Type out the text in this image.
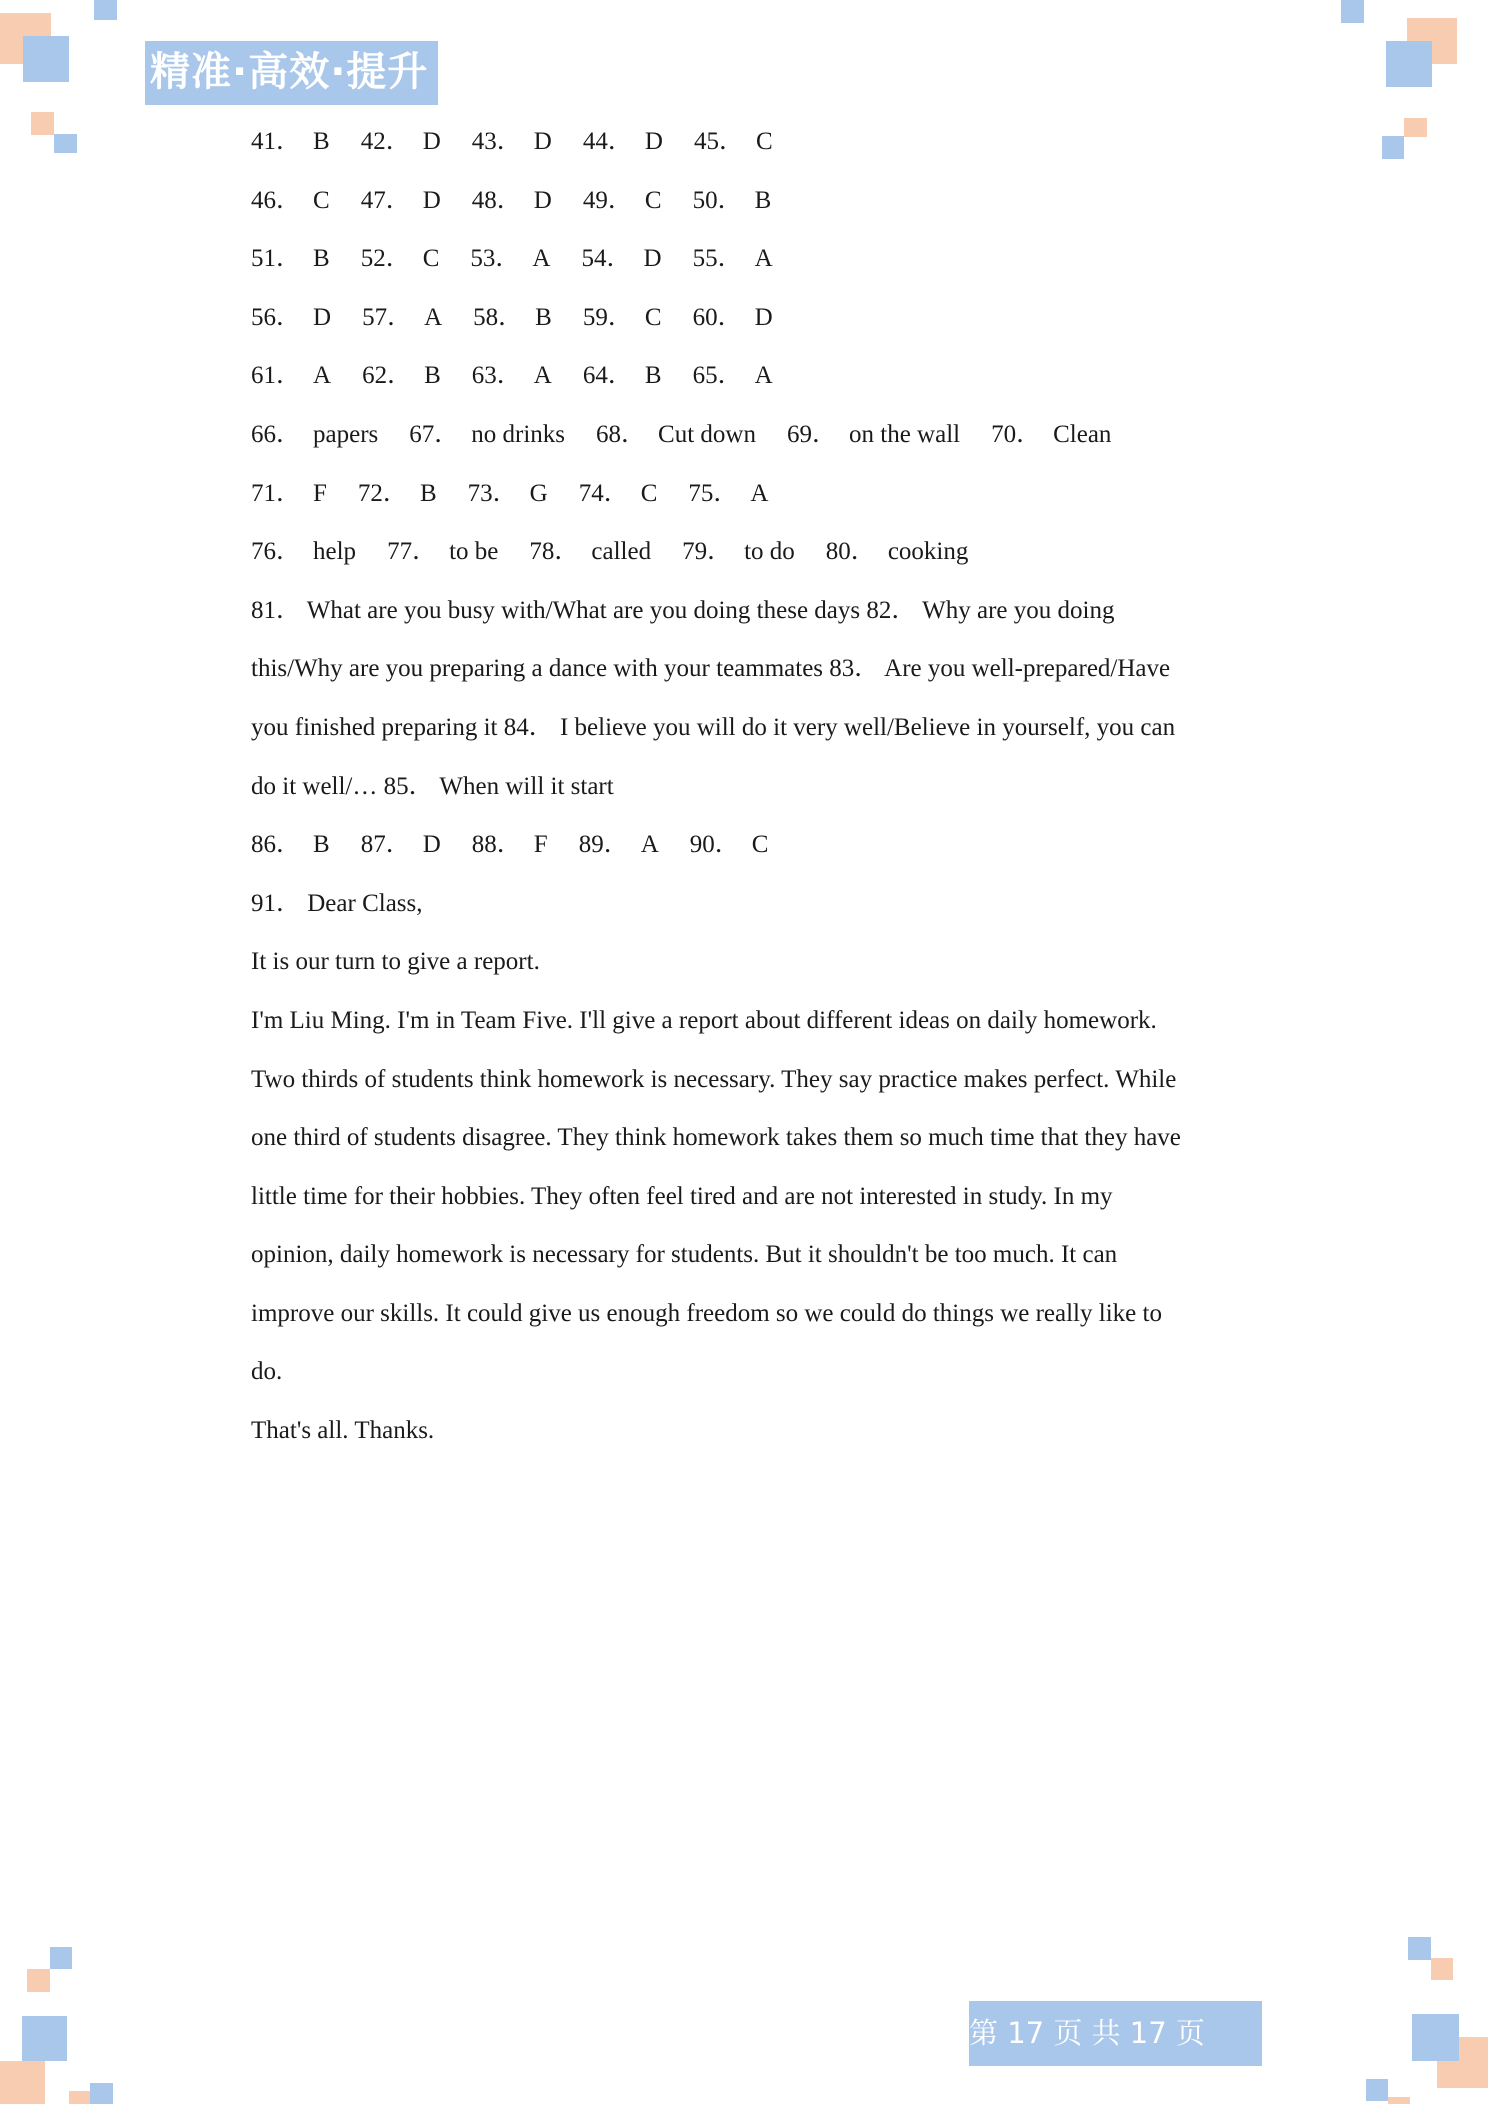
精准·高效·提升
41． B 42． D 43． D 44． D 45． C
46． C 47． D 48． D 49． C 50． B
51． B 52． C 53． A 54． D 55． A
56． D 57． A 58． B 59． C 60． D
61． A 62． B 63． A 64． B 65． A
66． papers 67． no drinks 68． Cut down 69． on the wall 70． Clean
71． F 72． B 73． G 74． C 75． A
76． help 77． to be 78． called 79． to do 80． cooking
81． What are you busy with/What are you doing these days 82． Why are you doing
this/Why are you preparing a dance with your teammates 83． Are you well-prepared/Have
you finished preparing it 84． I believe you will do it very well/Believe in yourself, you can
do it well/… 85． When will it start
86． B 87． D 88． F 89． A 90． C
91． Dear Class,
It is our turn to give a report.
I'm Liu Ming. I'm in Team Five. I'll give a report about different ideas on daily homework.
Two thirds of students think homework is necessary. They say practice makes perfect. While
one third of students disagree. They think homework takes them so much time that they have
little time for their hobbies. They often feel tired and are not interested in study. In my
opinion, daily homework is necessary for students. But it shouldn't be too much. It can
improve our skills. It could give us enough freedom so we could do things we really like to
do.
That's all. Thanks.
第 17 页 共 17 页
